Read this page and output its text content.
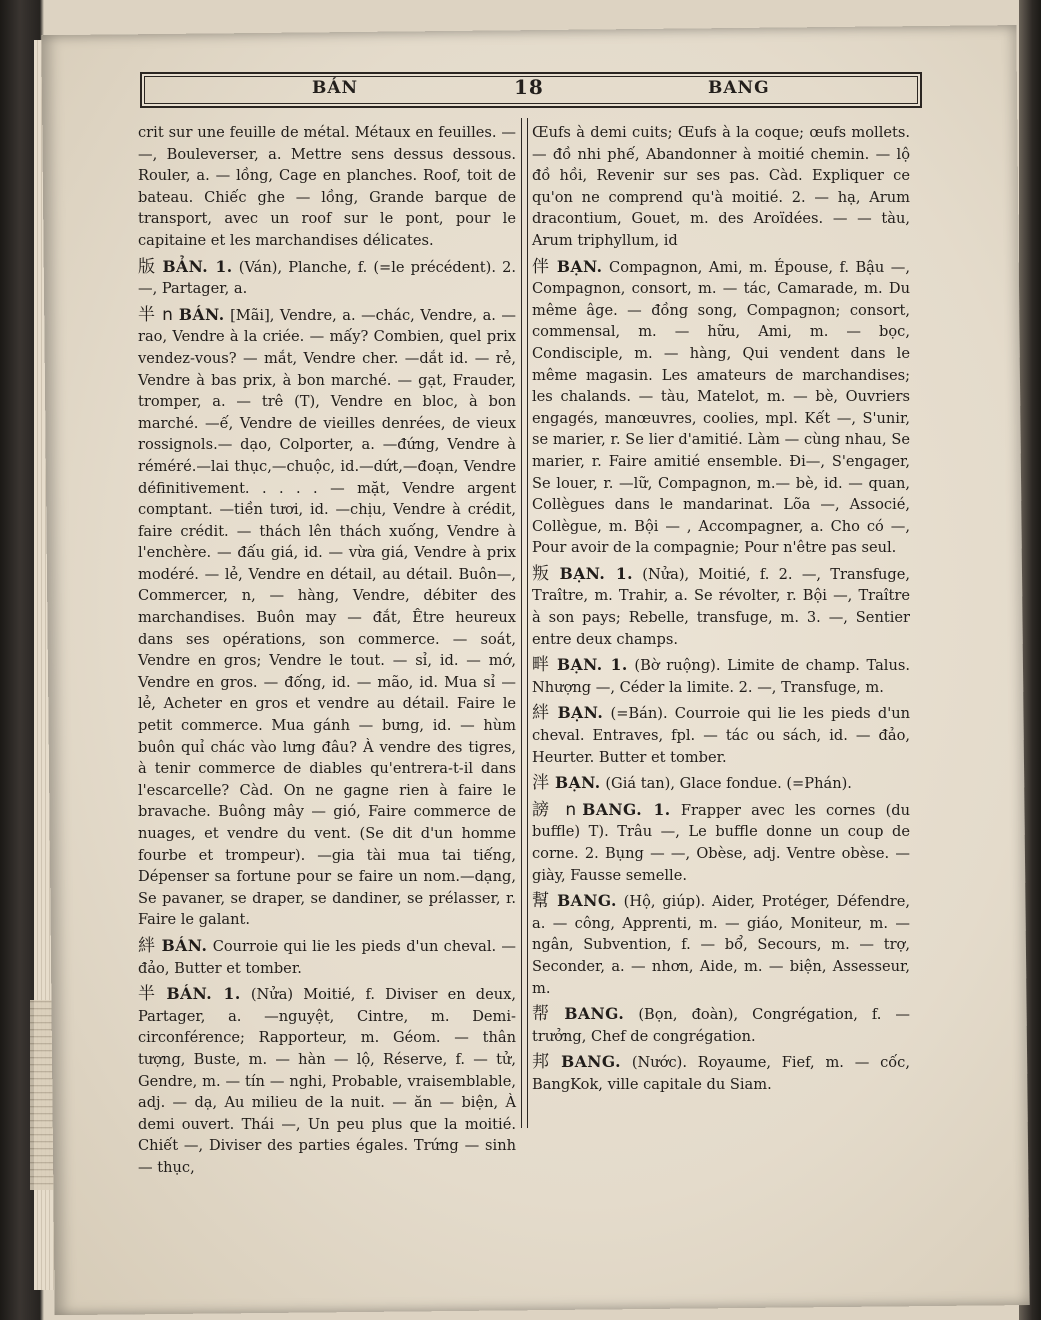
BÁN	18	BANG

crit sur une feuille de métal. Métaux en feuilles. — —, Bouleverser, a. Mettre sens dessus dessous. Rouler, a. — lồng, Cage en planches. Roof, toit de bateau. Chiếc ghe — lồng, Grande barque de transport, avec un roof sur le pont, pour le capitaine et les marchandises délicates.

版 BẢN. 1. (Ván), Planche, f. (=le précédent). 2. —, Partager, a.

半 n BÁN. [Mãi], Vendre, a. —chác, Vendre, a. — rao, Vendre à la criée. — mấy? Combien, quel prix vendez-vous? — mắt, Vendre cher. —dắt id. — rẻ, Vendre à bas prix, à bon marché. — gạt, Frauder, tromper, a. — trê (T), Vendre en bloc, à bon marché. —ế, Vendre de vieilles denrées, de vieux rossignols.— dạo, Colporter, a. —đứng, Vendre à réméré.—lai thục,—chuộc, id.—dứt,—đoạn, Vendre définitivement. . . . . — mặt, Vendre argent comptant. —tiền tươi, id. —chịu, Vendre à crédit, faire crédit. — thách lên thách xuống, Vendre à l'enchère. — đấu giá, id. — vừa giá, Vendre à prix modéré. — lẻ, Vendre en détail, au détail. Buôn—, Commercer, n, — hàng, Vendre, débiter des marchandises. Buôn may — đắt, Être heureux dans ses opérations, son commerce. — soát, Vendre en gros; Vendre le tout. — sỉ, id. — mớ, Vendre en gros. — đống, id. — mão, id. Mua sỉ — lẻ, Acheter en gros et vendre au détail. Faire le petit commerce. Mua gánh — bưng, id. — hùm buôn quỉ chác vào lưng đâu? À vendre des tigres, à tenir commerce de diables qu'entrera-t-il dans l'escarcelle? Càd. On ne gagne rien à faire le bravache. Buông mây — gió, Faire commerce de nuages, et vendre du vent. (Se dit d'un homme fourbe et trompeur). —gia tài mua tai tiếng, Dépenser sa fortune pour se faire un nom.—dạng, Se pavaner, se draper, se dandiner, se prélasser, r. Faire le galant.

絆 BÁN. Courroie qui lie les pieds d'un cheval. — đảo, Butter et tomber.

半 BÁN. 1. (Nửa) Moitié, f. Diviser en deux, Partager, a. —nguyệt, Cintre, m. Demi-circonférence; Rapporteur, m. Géom. — thân tượng, Buste, m. — hàn — lộ, Réserve, f. — tử, Gendre, m. — tín — nghi, Probable, vraisemblable, adj. — dạ, Au milieu de la nuit. — ăn — biện, À demi ouvert. Thái —, Un peu plus que la moitié. Chiết —, Diviser des parties égales. Trứng — sinh — thục,

Œufs à demi cuits; Œufs à la coque; œufs mollets. — đồ nhi phế, Abandonner à moitié chemin. — lộ đồ hồi, Revenir sur ses pas. Càd. Expliquer ce qu'on ne comprend qu'à moitié. 2. — hạ, Arum dracontium, Gouet, m. des Aroïdées. — — tàu, Arum triphyllum, id

伴 BẠN. Compagnon, Ami, m. Épouse, f. Bậu —, Compagnon, consort, m. — tác, Camarade, m. Du même âge. — đồng song, Compagnon; consort, commensal, m. — hữu, Ami, m. — bọc, Condisciple, m. — hàng, Qui vendent dans le même magasin. Les amateurs de marchandises; les chalands. — tàu, Matelot, m. — bè, Ouvriers engagés, manœuvres, coolies, mpl. Kết —, S'unir, se marier, r. Se lier d'amitié. Làm — cùng nhau, Se marier, r. Faire amitié ensemble. Đi—, S'engager, Se louer, r. —lữ, Compagnon, m.— bè, id. — quan, Collègues dans le mandarinat. Lõa —, Associé, Collègue, m. Bội — , Accompagner, a. Cho có —, Pour avoir de la compagnie; Pour n'être pas seul.

叛 BẠN. 1. (Nửa), Moitié, f. 2. —, Transfuge, Traître, m. Trahir, a. Se révolter, r. Bội —, Traître à son pays; Rebelle, transfuge, m. 3. —, Sentier entre deux champs.

畔 BẠN. 1. (Bờ ruộng). Limite de champ. Talus. Nhượng —, Céder la limite. 2. —, Transfuge, m.

絆 BẠN. (=Bán). Courroie qui lie les pieds d'un cheval. Entraves, fpl. — tác ou sách, id. — đảo, Heurter. Butter et tomber.

泮 BẠN. (Giá tan), Glace fondue. (=Phán).

謗 n BANG. 1. Frapper avec les cornes (du buffle) T). Trâu —, Le buffle donne un coup de corne. 2. Bụng — —, Obèse, adj. Ventre obèse. — giày, Fausse semelle.

幫 BANG. (Hộ, giúp). Aider, Protéger, Défendre, a. — công, Apprenti, m. — giáo, Moniteur, m. — ngân, Subvention, f. — bổ, Secours, m. — trợ, Seconder, a. — nhơn, Aide, m. — biện, Assesseur, m.

帮 BANG. (Bọn, đoàn), Congrégation, f. — trưởng, Chef de congrégation.

邦 BANG. (Nước). Royaume, Fief, m. — cốc, BangKok, ville capitale du Siam.
